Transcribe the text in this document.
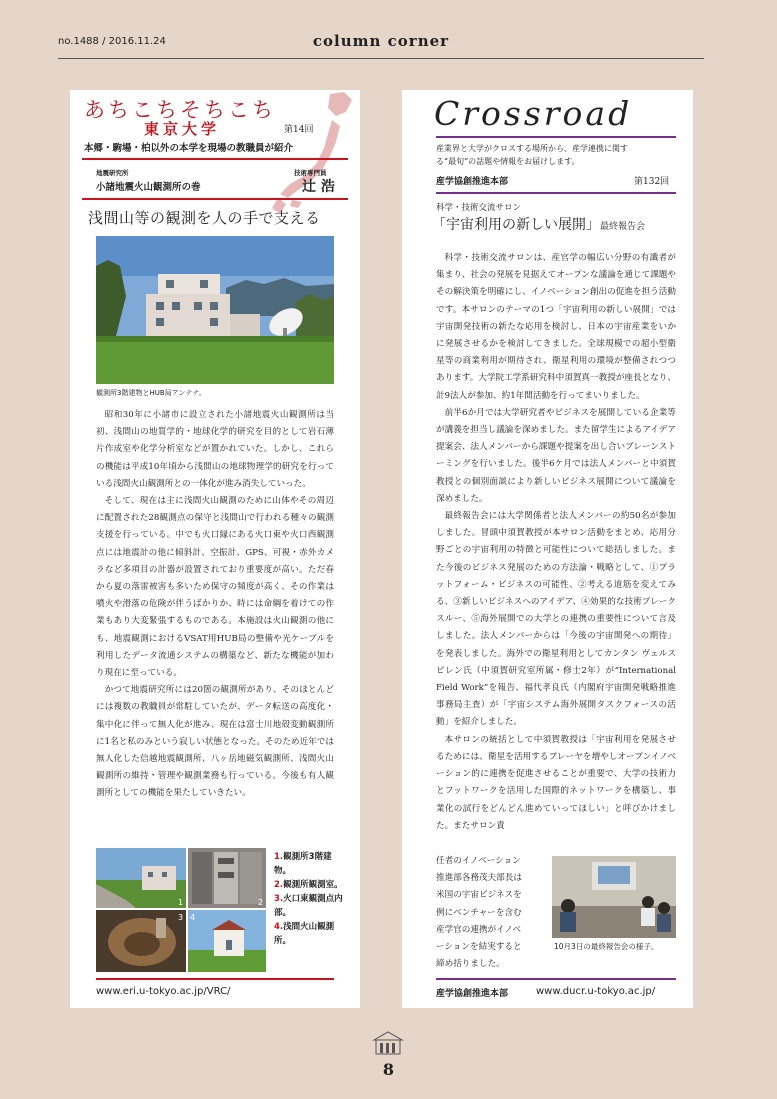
no.1488 / 2016.11.24	column corner
あちこちそちこち
東京大学	第14回
本郷・駒場・柏以外の本学を現場の教職員が紹介
地震研究所
小諸地震火山観測所の巻
技術専門員
辻 浩
浅間山等の観測を人の手で支える
観測所3階建物とHUB局アンテナ。

昭和30年に小諸市に設立された小諸地震火山観測所は当初、浅間山の地質学的・地球化学的研究を目的として岩石薄片作成室や化学分析室などが置かれていた。しかし、これらの機能は平成10年頃から浅間山の地球物理学的研究を行っている浅間火山観測所との一体化が進み消失していった。

そして、現在は主に浅間火山観測のために山体やその周辺に配置された28観測点の保守と浅間山で行われる種々の観測支援を行っている。中でも火口縁にある火口東や火口西観測点には地震計の他に傾斜計、空振計、GPS、可視・赤外カメラなど多項目の計器が設置されており重要度が高い。ただ春から夏の落雷被害も多いため保守の頻度が高く、その作業は噴火や滑落の危険が伴うばかりか、時には命綱を着けての作業もあり大変緊張するものである。本施設は火山観測の他にも、地震観測におけるVSAT用HUB局の整備や光ケーブルを利用したデータ流通システムの構築など、新たな機能が加わり現在に至っている。

かつて地震研究所には20箇の観測所があり、そのほとんどには複数の教職員が常駐していたが、データ転送の高度化・集中化に伴って無人化が進み、現在は富士川地殻変動観測所に1名と私のみという寂しい状態となった。そのため近年では無人化した信越地震観測所、八ヶ岳地磁気観測所、浅間火山観測所の維持・管理や観測業務も行っている。今後も有人観測所としての機能を果たしていきたい。

1	2
3 4
1.観測所3階建物。
2.観測所観測室。
3.火口東観測点内部。
4.浅間火山観測所。
www.eri.u-tokyo.ac.jp/VRC/
Crossroad
産業界と大学がクロスする場所から、産学連携に関する“最旬”の話題や情報をお届けします。
産学協創推進本部	第132回
科学・技術交流サロン
「宇宙利用の新しい展開」最終報告会

科学・技術交流サロンは、産官学の幅広い分野の有識者が集まり、社会の発展を見据えてオープンな議論を通じて課題やその解決策を明確にし、イノベーション創出の促進を担う活動です。本サロンのテーマの1つ「宇宙利用の新しい展開」では宇宙開発技術の新たな応用を検討し、日本の宇宙産業をいかに発展させるかを検討してきました。全球規模での超小型衛星等の商業利用が期待され、衛星利用の環境が整備されつつあります。大学院工学系研究科中須賀真一教授が座長となり、計9法人が参加、約1年間活動を行ってまいりました。

前半6か月では大学研究者やビジネスを展開している企業等が講義を担当し議論を深めました。また留学生によるアイデア提案会、法人メンバーから課題や提案を出し合いブレーンストーミングを行いました。後半6ケ月では法人メンバーと中須賀教授との個別面談により新しいビジネス展開について議論を深めました。

最終報告会には大学関係者と法人メンバーの約50名が参加しました。冒頭中須賀教授が本サロン活動をまとめ、応用分野ごとの宇宙利用の特徴と可能性について総括しました。また今後のビジネス発展のための方法論・戦略として、①プラットフォーム・ビジネスの可能性、②考える道筋を変えてみる、③新しいビジネスへのアイデア、④効果的な技術ブレークスルー、⑤海外展開での大学との連携の重要性について言及しました。法人メンバーからは「今後の宇宙開発への期待」を発表しました。海外での衛星利用としてカンタン ヴェルスピレン氏（中須賀研究室所属・修士2年）が“International Field Work”を報告、福代孝良氏（内閣府宇宙開発戦略推進事務局主査）が「宇宙システム海外展開タスクフォースの活動」を紹介しました。

本サロンの統括として中須賀教授は「宇宙利用を発展させるためには、衛星を活用するプレーヤを増やしオープンイノベーション的に連携を促進させることが重要で、大学の技術力とフットワークを活用した国際的ネットワークを構築し、事業化の試行をどんどん進めていってほしい」と呼びかけました。またサロン責

任者のイノベーション
推進部各務茂夫部長は
米国の宇宙ビジネスを
例にベンチャーを含む
産学官の連携がイノベ
ーションを結実すると
締め括りました。
10月3日の最終報告会の様子。
産学協創推進本部	www.ducr.u-tokyo.ac.jp/
8
